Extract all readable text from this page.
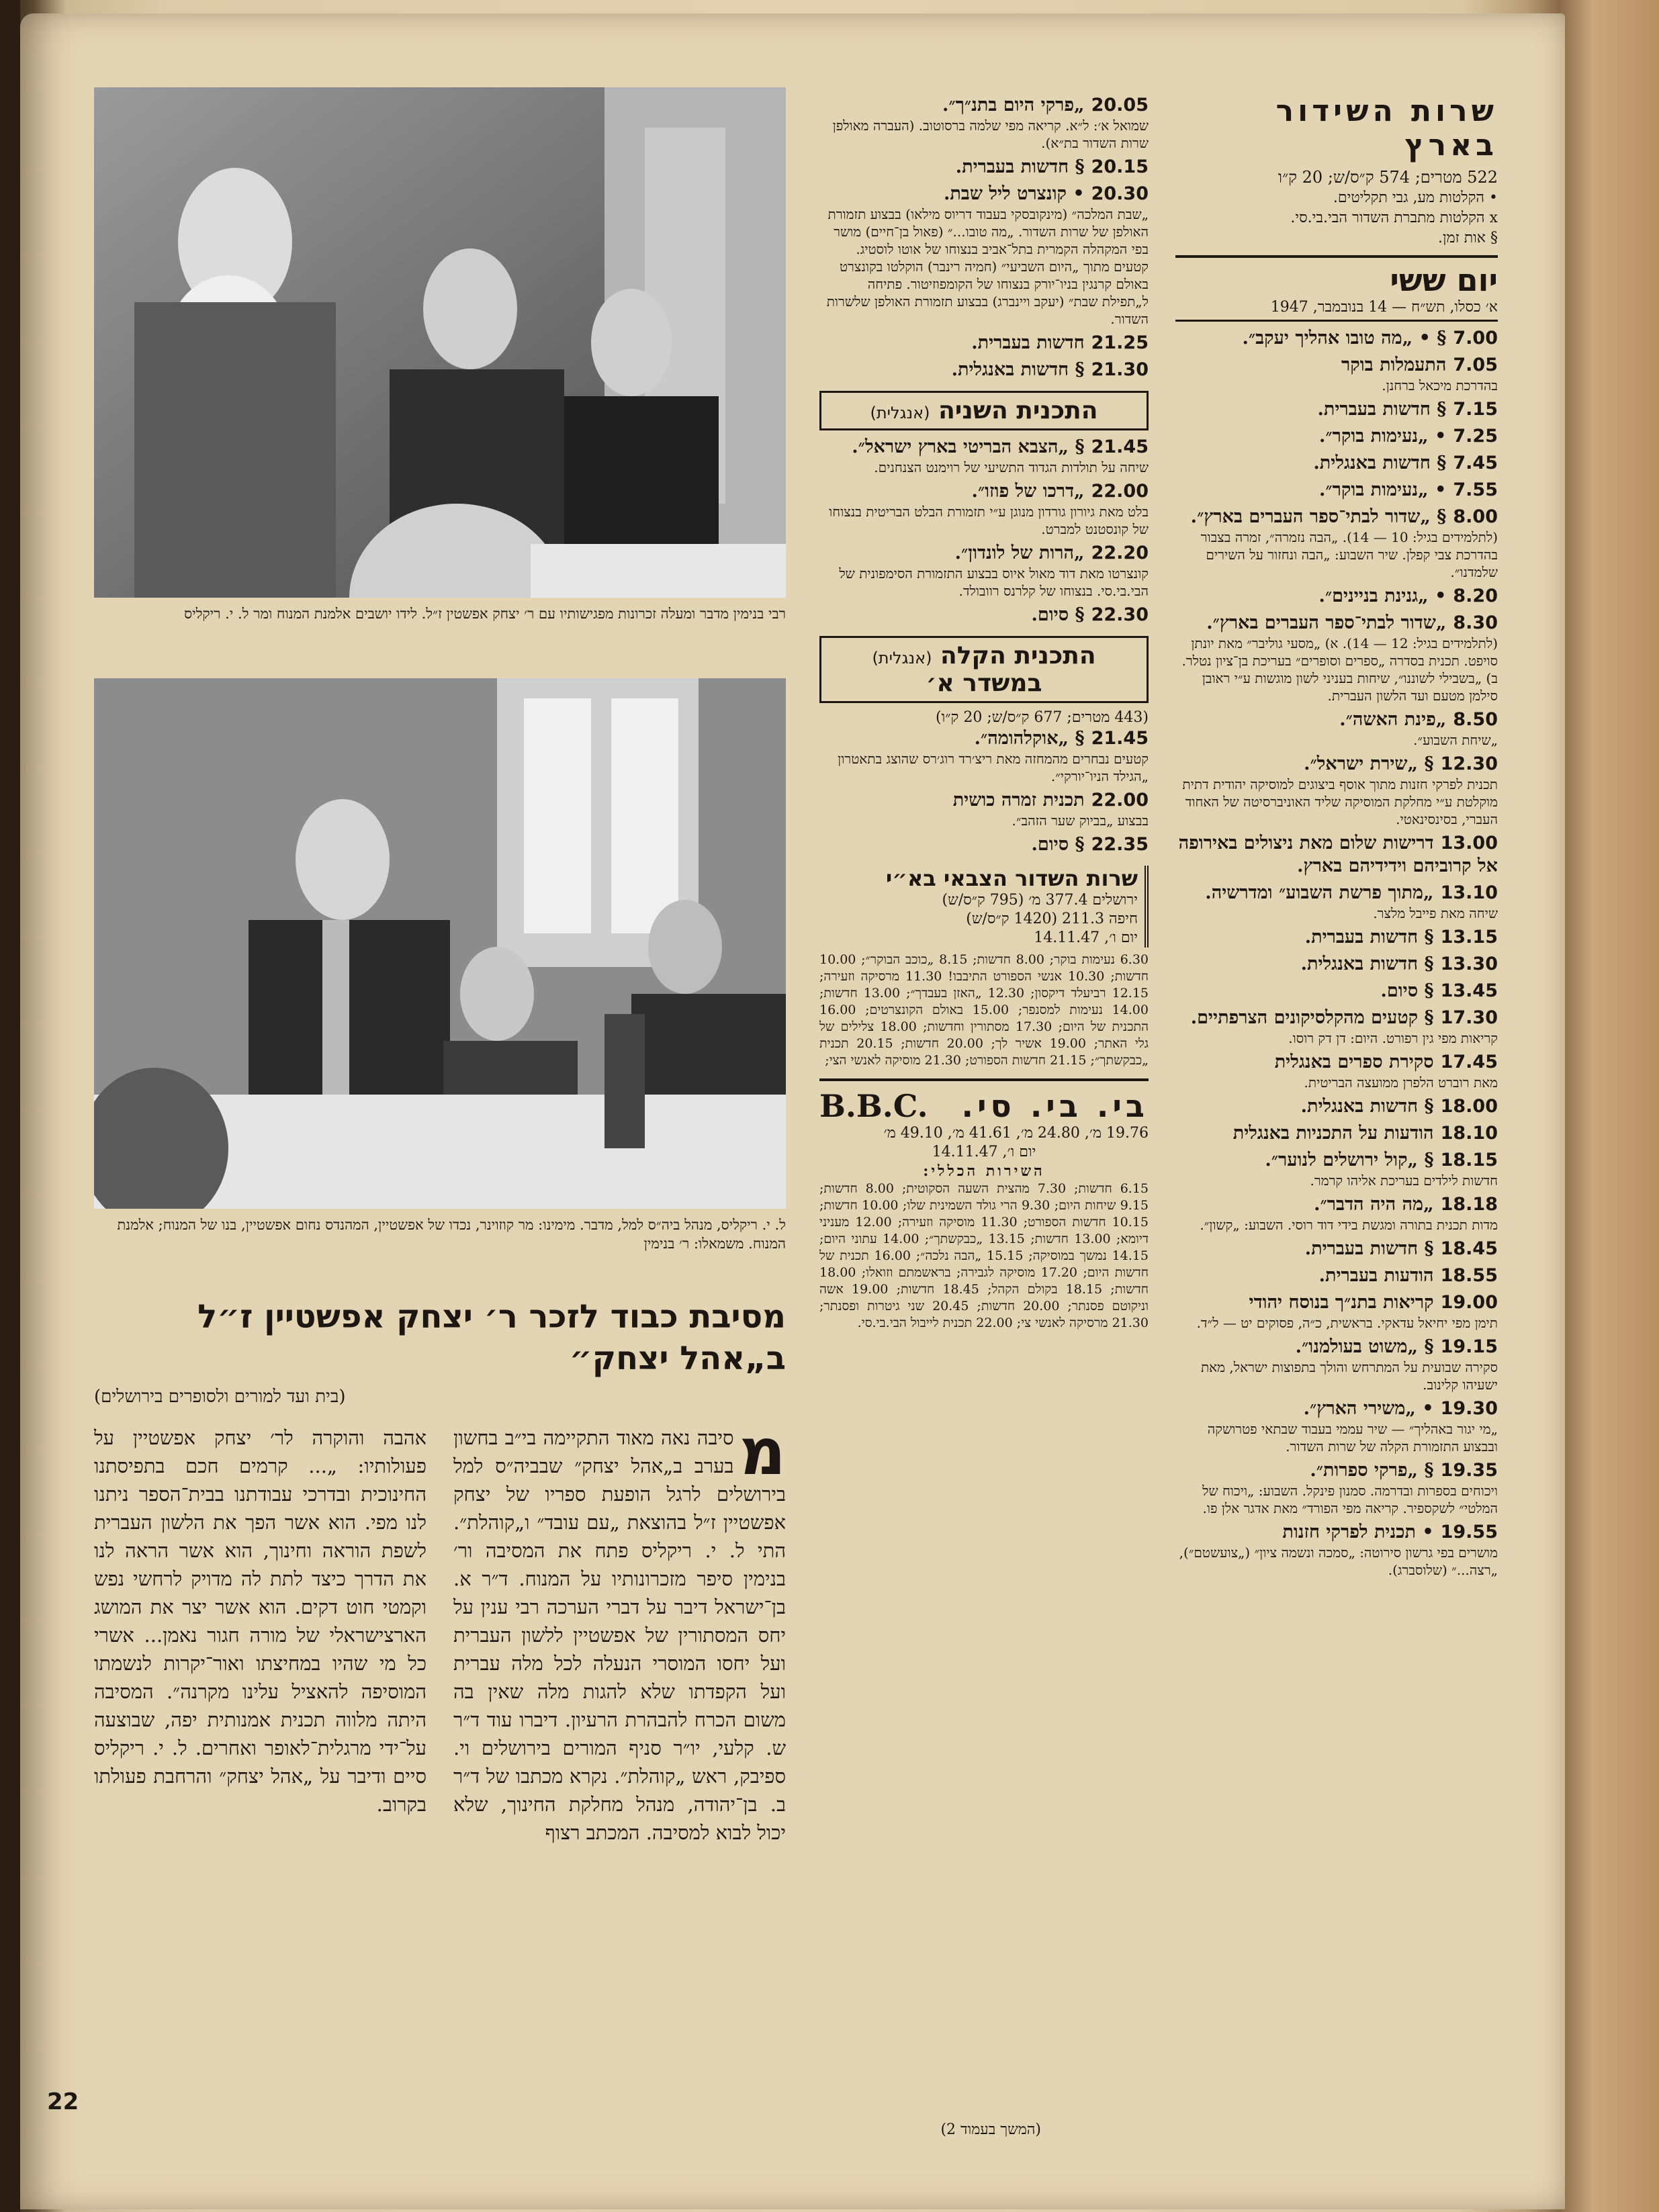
שרות השידור בארץ
522 מטרים; 574 ק״ס/ש; 20 ק״ו
• הקלטות מע, גבי תקליטים.
x הקלטות מתברת השדור הבי.בי.סי.
§ אות זמן.
יום ששי
א׳ כסלו, תש״ח — 14 בנובמבר, 1947
7.00§ • „מה טובו אהליך יעקב״.
7.05התעמלות בוקר
בהדרכת מיכאל ברחנן.
7.15§ חדשות בעברית.
7.25• „נעימות בוקר״.
7.45§ חדשות באנגלית.
7.55• „נעימות בוקר״.
8.00§ „שדור לבתי־ספר העברים בארץ״.
(לתלמידים בגיל: 10 — 14). „הבה נזמרה״, זמרה בצבור בהדרכת צבי קפלן. שיר השבוע: „הבה ונחזור על השירים שלמדנו״.
8.20• „גנינת בניינים״.
8.30„שדור לבתי־ספר העברים בארץ״.
(לתלמידים בגיל: 12 — 14). א) „מסעי גוליבר״ מאת יונתן סויפט. תכנית בסדרה „ספרים וסופרים״ בעריכת בן־ציון נטלר. ב) „בשבילי לשוננו״, שיחות בעניני לשון מוגשות ע״י ראובן סילמן מטעם ועד הלשון העברית.
8.50„פינת האשה״.
„שיחת השבוע״.
12.30§ „שירת ישראל״.
תכנית לפרקי חזנות מתוך אוסף ביצוגים למוסיקה יהודית דתית מוקלטת ע״י מחלקת המוסיקה שליד האוניברסיטה של האחוד העברי, בסינסינאטי.
13.00דרישות שלום מאת ניצולים באירופה אל קרוביהם וידידיהם בארץ.
13.10„מתוך פרשת השבוע״ ומדרשיה.
שיחה מאת פייבל מלצר.
13.15§ חדשות בעברית.
13.30§ חדשות באנגלית.
13.45§ סיום.
17.30§ קטעים מהקלסיקונים הצרפתיים.
קריאות מפי גין רפורט. היום: דן דק רוסו.
17.45סקירת ספרים באנגלית
מאת רוברט הלפרן ממועצה הבריטית.
18.00§ חדשות באנגלית.
18.10הודעות על התכניות באנגלית
18.15§ „קול ירושלים לנוער״.
חדשות לילדים בעריכת אליהו קרמר.
18.18„מה היה הדבר״.
מדות תכנית בתורה ומגשת בידי דוד רוסי. השבוע: „קשון״.
18.45§ חדשות בעברית.
18.55הודעות בעברית.
19.00קריאות בתנ״ך בנוסח יהודי
תימן מפי יחיאל עדאקי. בראשית, כ״ה, פסוקים יט — ל״ד.
19.15§ „משוט בעולמנו״.
סקירה שבועית על המתרחש והולך בתפוצות ישראל, מאת ישעיהו קלינוב.
19.30• „משירי הארץ״.
„מי יגור באהליך״ — שיר עממי בעבוד שבתאי פטרושקה ובבצוע התזמורת הקלה של שרות השדור.
19.35§ „פרקי ספרות״.
ויכוחים בספרות ובדרמה. סמנון פינקל. השבוע: „ויכוח של המלטי״ לשקספיר. קריאה מפי הפורד״ מאת אדגר אלן פו.
19.55• תכנית לפרקי חזנות
מושרים בפי גרשון סירוטה: „סמכה ונשמה ציון״ („צועשטם״), „רצה...״ (שלוסברג).
20.05„פרקי היום בתנ״ך״.
שמואל א׳: ל״א. קריאה מפי שלמה ברסוטוב. (העברה מאולפן שרות השדור בת״א).
20.15§ חדשות בעברית.
20.30• קונצרט ליל שבת.
„שבת המלכה״ (מינקובסקי בעבוד דריוס מילאו) בבצוע תזמורת האולפן של שרות השדור. „מה טובו...״ (פאול בן־חיים) מושר בפי המקהלה הקמרית בתל־אביב בנצוחו של אוטו לוסטיג. קטעים מתוך „היום השביעי״ (חמיה רינבר) הוקלטו בקונצרט באולם קרנגין בניו־יורק בנצוחו של הקומפוזיטור. פתיחה ל„תפילת שבת״ (יעקב ויינברג) בבצוע תזמורת האולפן שלשרות השדור.
21.25חדשות בעברית.
21.30§ חדשות באנגלית.
התכנית השניה (אנגלית)
21.45§ „הצבא הבריטי בארץ ישראל״.
שיחה על תולדות הגדוד התשיעי של רוימנט הצנחנים.
22.00„דרכו של פוזו״.
בלט מאת גיורון גורדון מנוגן ע״י תזמורת הבלט הבריטית בנצוחו של קונסטנט למברט.
22.20„הרות של לונדון״.
קונצרטו מאת דוד מאול איוס בבצוע התזמורת הסימפונית של הבי.בי.סי. בנצוחו של קלרנס רוובולד.
22.30§ סיום.
התכנית הקלה (אנגלית)
במשדר א׳
(443 מטרים; 677 ק״ס/ש; 20 ק״ו)
21.45§ „אוקלהומה״.
קטעים נבחרים מהמחזה מאת ריצ׳רד רוג׳רס שהוצג בתאטרון „הגילד הניו־יורקי״.
22.00תכנית זמרה כושית
בבצוע „בביוק שער הזהב״.
22.35§ סיום.
שרות השדור הצבאי בא״י
ירושלים 377.4 מ׳ (795 ק״ס/ש)
חיפה 211.3 (1420 ק״ס/ש)
יום ו׳, 14.11.47
6.30 נעימות בוקר; 8.00 חדשות; 8.15 „כוכב הבוקר״; 10.00 חדשות; 10.30 אנשי הספורט התיבבו! 11.30 מרסיקה וזעירה; 12.15 רביעלד דיקסון; 12.30 „האזן בעבדך״; 13.00 חדשות; 14.00 נעימות למסנפר; 15.00 באולם הקונצרטים; 16.00 התכנית של היום; 17.30 מסתורין וחדשות; 18.00 צלילים של גלי האתר; 19.00 אשיר לך; 20.00 חדשות; 20.15 תכנית „כבקשתך״; 21.15 חדשות הספורט; 21.30 מוסיקה לאנשי הצי;
בי. בי. סי.
B.B.C.
19.76 מ׳, 24.80 מ׳, 41.61 מ׳, 49.10 מ׳
יום ו׳, 14.11.47
השירות הכללי:
6.15 חדשות; 7.30 מהצית השעה הסקוטית; 8.00 חדשות; 9.15 שיחות היום; 9.30 הרי גולד השמינית שלו; 10.00 חדשות; 10.15 חדשות הספורט; 11.30 מוסיקה וזעירה; 12.00 מעניני דיומא; 13.00 חדשות; 13.15 „כבקשתך״; 14.00 עתוני היום; 14.15 נמשך במוסיקה; 15.15 „הבה נלכה״; 16.00 תכנית של חדשות היום; 17.20 מוסיקה לגבירה; בראשמתם וזואלו; 18.00 חדשות; 18.15 בקולם הקהל; 18.45 חדשות; 19.00 אשה וניקוטם פסנתר; 20.00 חדשות; 20.45 שני גיטרות ופסנתר; 21.30 מרסיקה לאנשי צי; 22.00 תכנית לייבול הבי.בי.סי.
רבי בנימין מדבר ומעלה זכרונות מפגישותיו עם ר׳ יצחק אפשטין ז״ל. לידו יושבים אלמנת המנוח ומר ל. י. ריקליס
ל. י. ריקליס, מנהל ביה״ס למל, מדבר. מימינו: מר קוזוינר, נכדו של אפשטיין, המהנדס נחום אפשטיין, בנו של המנוח; אלמנת המנוח. משמאלו: ר׳ בנימין
מסיבת כבוד לזכר ר׳ יצחק אפשטיין ז״ל ב„אהל יצחק״
(בית ועד למורים ולסופרים בירושלים)
מ
סיבה נאה מאוד התקיימה בי״ב בחשון בערב ב„אהל יצחק״ שבביה״ס למל בירושלים לרגל הופעת ספריו של יצחק אפשטיין ז״ל בהוצאת „עם עובד״ ו„קוהלת״. התי ל. י. ריקליס פתח את המסיבה ור׳ בנימין סיפר מזכרונותיו על המנוח. ד״ר א. בן־ישראל דיבר על דברי הערכה רבי ענין על יחס המסתורין של אפשטיין ללשון העברית ועל יחסו המוסרי הנעלה לכל מלה עברית ועל הקפדתו שלא להגות מלה שאין בה משום הכרח להבהרת הרעיון. דיברו עוד ד״ר ש. קלעי, יו״ר סניף המורים בירושלים וי. ספיבק, ראש „קוהלת״. נקרא מכתבו של ד״ר ב. בן־יהודה, מנהל מחלקת החינוך, שלא יכול לבוא למסיבה. המכתב רצוף
אהבה והוקרה לר׳ יצחק אפשטיין על פעולותיו: „... קרמים חכם בתפיסתנו החינוכית ובדרכי עבודתנו בבית־הספר ניתנו לנו מפי. הוא אשר הפך את הלשון העברית לשפת הוראה וחינוך, הוא אשר הראה לנו את הדרך כיצד לתת לה מדויק לרחשי נפש וקמטי חוט דקים. הוא אשר יצר את המושג הארצישראלי של מורה חגור נאמן... אשרי כל מי שהיו במחיצתו ואור־יקרות לנשמתו המוסיפה להאציל עלינו מקרנה״. המסיבה היתה מלווה תכנית אמנותית יפה, שבוצעה על־ידי מרגלית־לאופר ואחרים. ל. י. ריקליס סיים ודיבר על „אהל יצחק״ והרחבת פעולתו בקרוב.
(המשך בעמוד 2)
22
